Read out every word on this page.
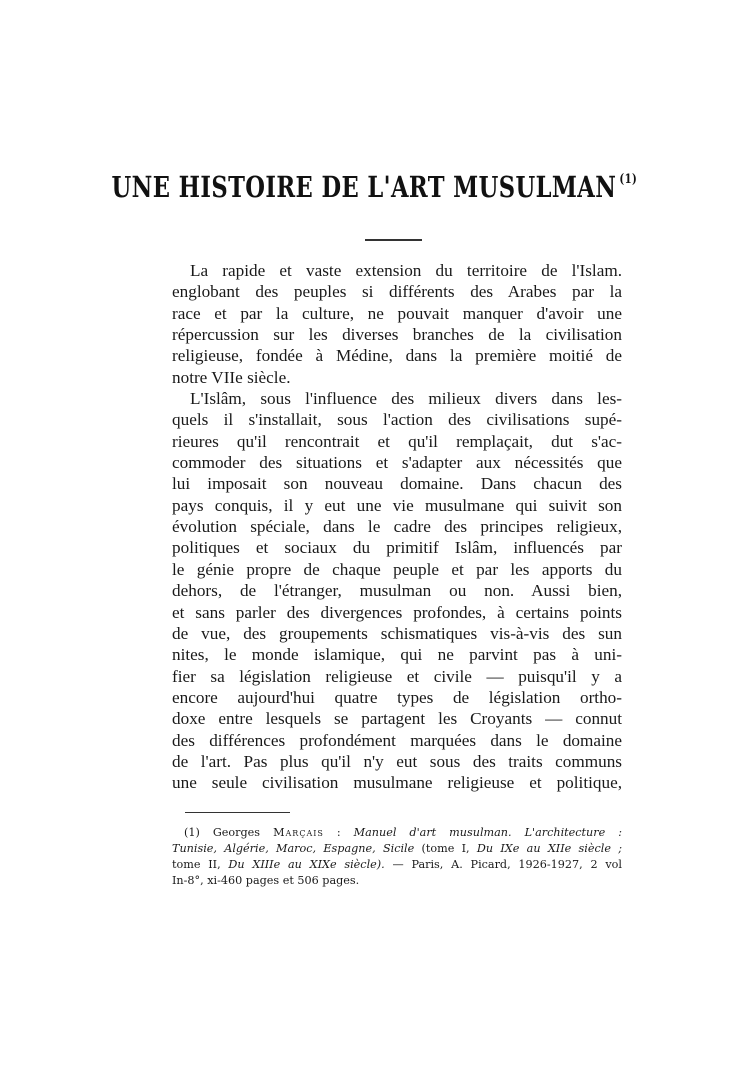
UNE HISTOIRE DE L'ART MUSULMAN $^{(1)}$
La rapide et vaste extension du territoire de l'Islam.
englobant des peuples si différents des Arabes par la
race et par la culture, ne pouvait manquer d'avoir une
répercussion sur les diverses branches de la civilisation
religieuse, fondée à Médine, dans la première moitié de
notre VIIe siècle.
L'Islâm, sous l'influence des milieux divers dans les-
quels il s'installait, sous l'action des civilisations supé-
rieures qu'il rencontrait et qu'il remplaçait, dut s'ac-
commoder des situations et s'adapter aux nécessités que
lui imposait son nouveau domaine. Dans chacun des
pays conquis, il y eut une vie musulmane qui suivit son
évolution spéciale, dans le cadre des principes religieux,
politiques et sociaux du primitif Islâm, influencés par
le génie propre de chaque peuple et par les apports du
dehors, de l'étranger, musulman ou non. Aussi bien,
et sans parler des divergences profondes, à certains points
de vue, des groupements schismatiques vis-à-vis des sun
nites, le monde islamique, qui ne parvint pas à uni-
fier sa législation religieuse et civile — puisqu'il y a
encore aujourd'hui quatre types de législation ortho-
doxe entre lesquels se partagent les Croyants — connut
des différences profondément marquées dans le domaine
de l'art. Pas plus qu'il n'y eut sous des traits communs
une seule civilisation musulmane religieuse et politique,
(1) Georges Marçais : Manuel d'art musulman. L'architecture :
Tunisie, Algérie, Maroc, Espagne, Sicile (tome I, Du IXe au XIIe siècle ;
tome II, Du XIIIe au XIXe siècle). — Paris, A. Picard, 1926-1927, 2 vol
In-8°, xi-460 pages et 506 pages.
